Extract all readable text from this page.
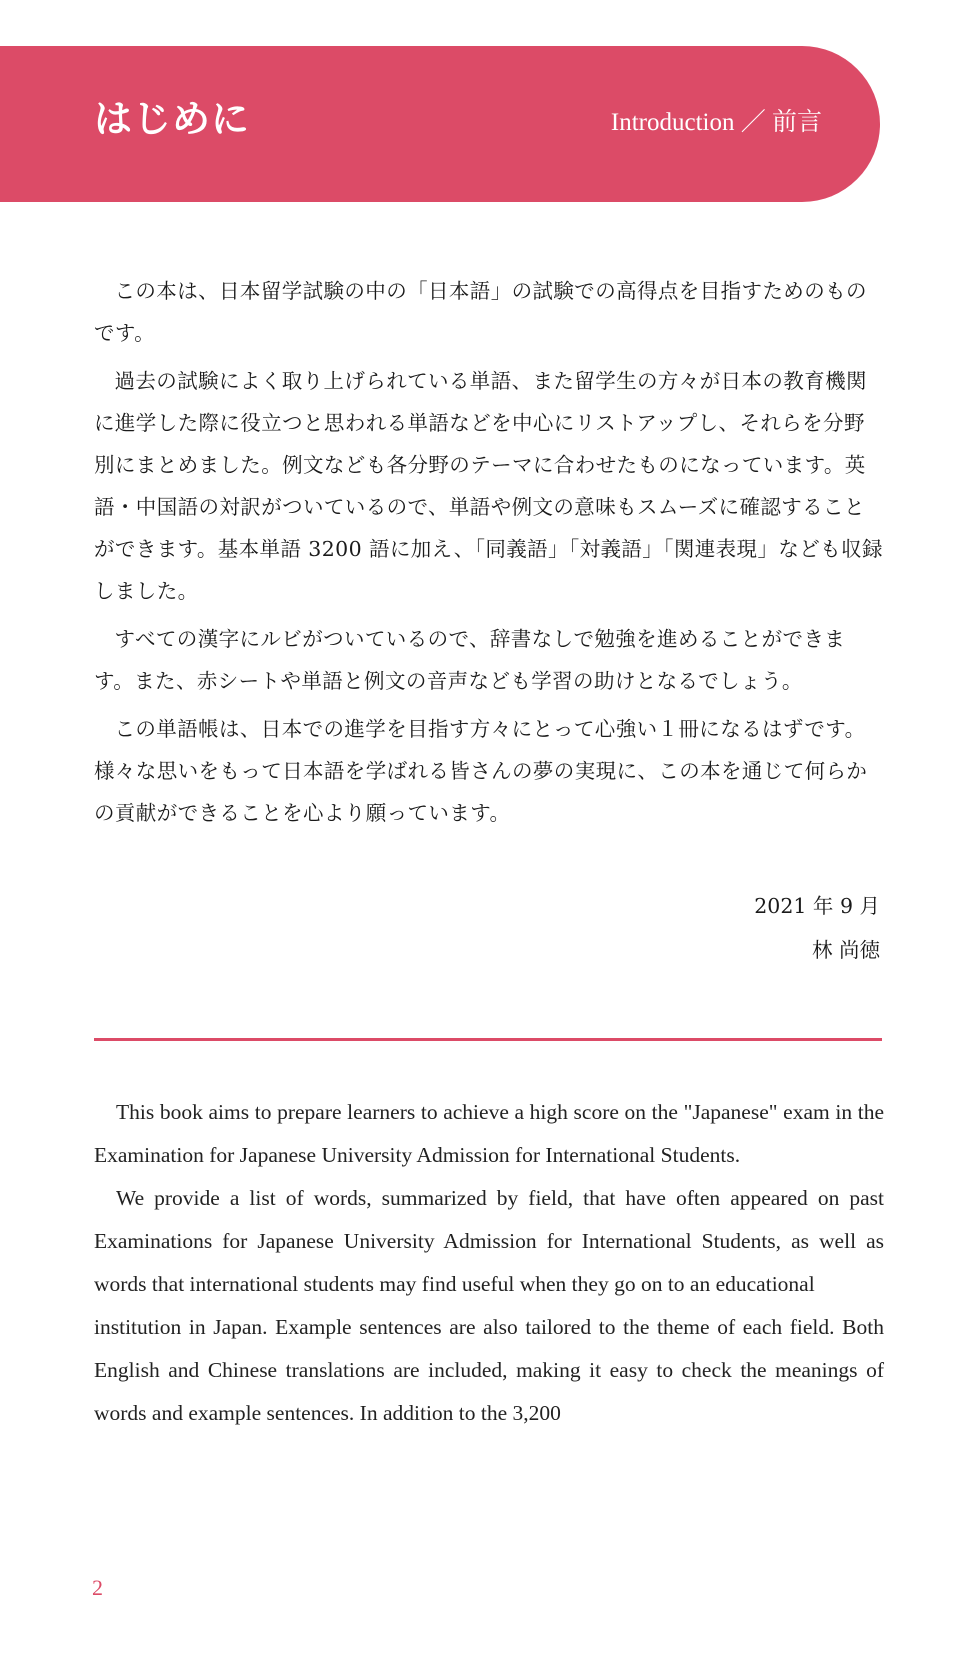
はじめに	Introduction ／ 前言

この本は、日本留学試験の中の「日本語」の試験での高得点を目指すためのものです。

過去の試験によく取り上げられている単語、また留学生の方々が日本の教育機関に進学した際に役立つと思われる単語などを中心にリストアップし、それらを分野別にまとめました。例文なども各分野のテーマに合わせたものになっています。英語・中国語の対訳がついているので、単語や例文の意味もスムーズに確認することができます。基本単語 3200 語に加え、「同義語」「対義語」「関連表現」なども収録しました。

すべての漢字にルビがついているので、辞書なしで勉強を進めることができます。また、赤シートや単語と例文の音声なども学習の助けとなるでしょう。

この単語帳は、日本での進学を目指す方々にとって心強い１冊になるはずです。様々な思いをもって日本語を学ばれる皆さんの夢の実現に、この本を通じて何らかの貢献ができることを心より願っています。

2021 年 9 月
林 尚徳

This book aims to prepare learners to achieve a high score on the "Japanese" exam in the Examination for Japanese University Admission for International Students.

We provide a list of words, summarized by field, that have often appeared on past Examinations for Japanese University Admission for International Students, as well as words that international students may find useful when they go on to an educational

institution in Japan. Example sentences are also tailored to the theme of each field. Both English and Chinese translations are included, making it easy to check the meanings of words and example sentences. In addition to the 3,200

2
